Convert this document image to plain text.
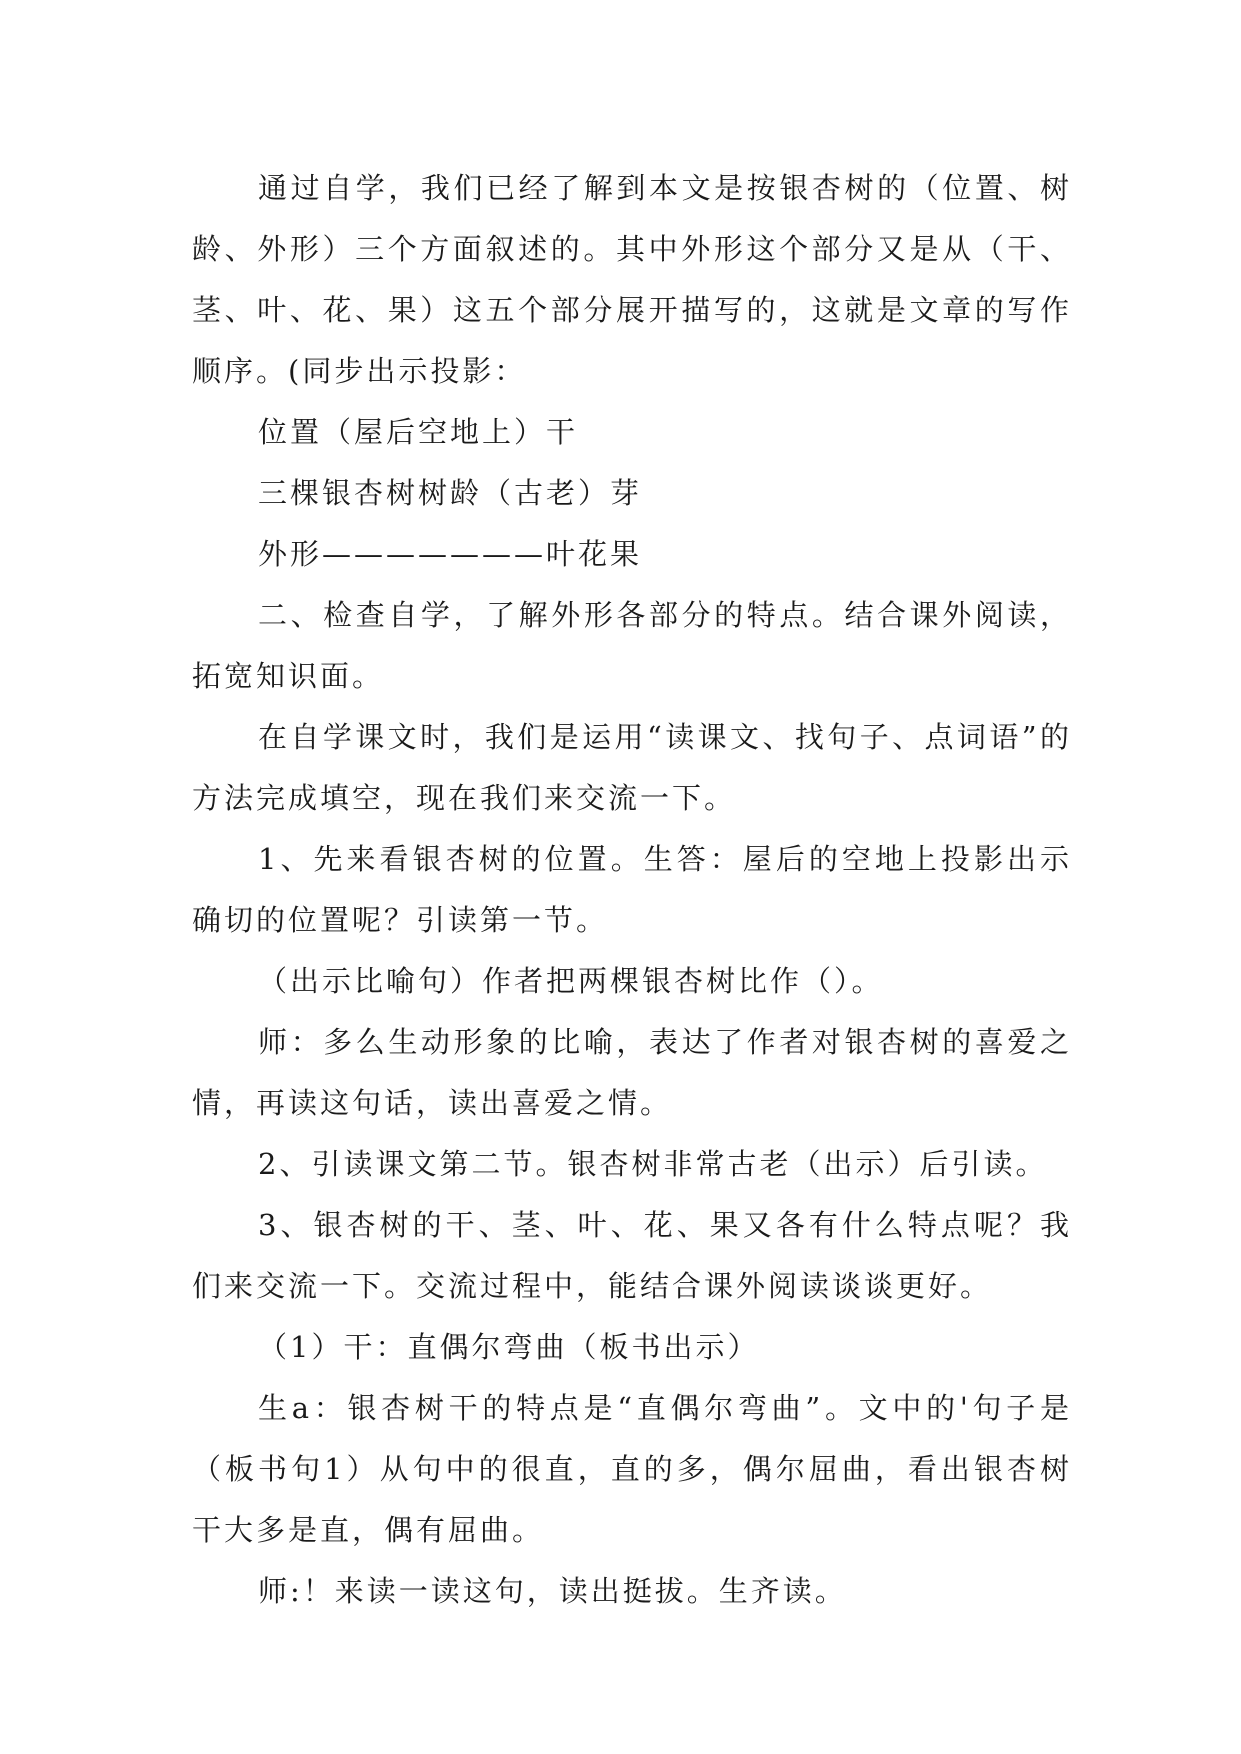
通过自学，我们已经了解到本文是按银杏树的（位置、树龄、外形）三个方面叙述的。其中外形这个部分又是从（干、茎、叶、花、果）这五个部分展开描写的，这就是文章的写作顺序。(同步出示投影：

位置（屋后空地上）干

三棵银杏树树龄（古老）芽

外形———————叶花果

二、检查自学，了解外形各部分的特点。结合课外阅读，拓宽知识面。

在自学课文时，我们是运用“读课文、找句子、点词语”的方法完成填空，现在我们来交流一下。

1、先来看银杏树的位置。生答：屋后的空地上投影出示确切的位置呢？引读第一节。

（出示比喻句）作者把两棵银杏树比作（）。

师：多么生动形象的比喻，表达了作者对银杏树的喜爱之情，再读这句话，读出喜爱之情。

2、引读课文第二节。银杏树非常古老（出示）后引读。

3、银杏树的干、茎、叶、花、果又各有什么特点呢？我们来交流一下。交流过程中，能结合课外阅读谈谈更好。

（1）干：直偶尔弯曲（板书出示）

生a：银杏树干的特点是“直偶尔弯曲”。文中的'句子是（板书句1）从句中的很直，直的多，偶尔屈曲，看出银杏树干大多是直，偶有屈曲。

师:！来读一读这句，读出挺拔。生齐读。
